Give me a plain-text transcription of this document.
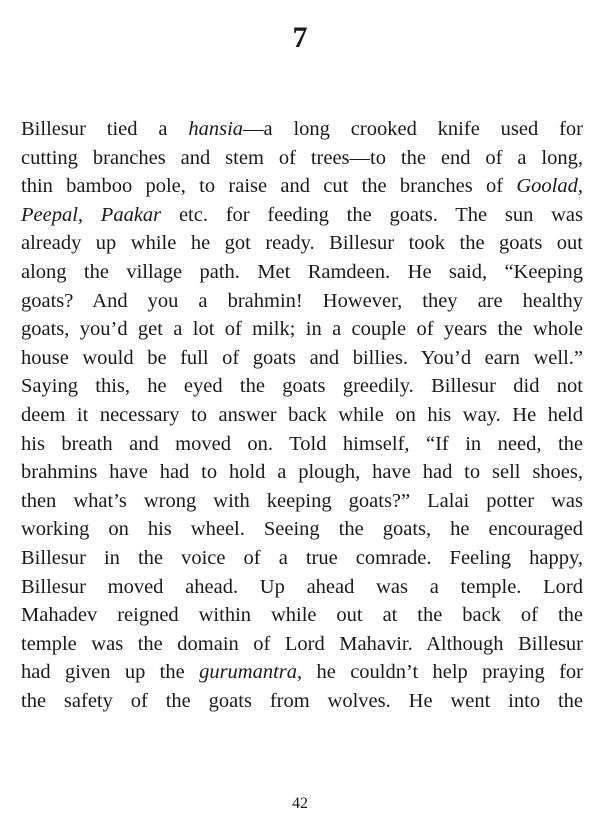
7
Billesur tied a hansia—a long crooked knife used for
cutting branches and stem of trees—to the end of a long,
thin bamboo pole, to raise and cut the branches of Goolad,
Peepal, Paakar etc. for feeding the goats. The sun was
already up while he got ready. Billesur took the goats out
along the village path. Met Ramdeen. He said, “Keeping
goats? And you a brahmin! However, they are healthy
goats, you’d get a lot of milk; in a couple of years the whole
house would be full of goats and billies. You’d earn well.”
Saying this, he eyed the goats greedily. Billesur did not
deem it necessary to answer back while on his way. He held
his breath and moved on. Told himself, “If in need, the
brahmins have had to hold a plough, have had to sell shoes,
then what’s wrong with keeping goats?” Lalai potter was
working on his wheel. Seeing the goats, he encouraged
Billesur in the voice of a true comrade. Feeling happy,
Billesur moved ahead. Up ahead was a temple. Lord
Mahadev reigned within while out at the back of the
temple was the domain of Lord Mahavir. Although Billesur
had given up the gurumantra, he couldn’t help praying for
the safety of the goats from wolves. He went into the
42
